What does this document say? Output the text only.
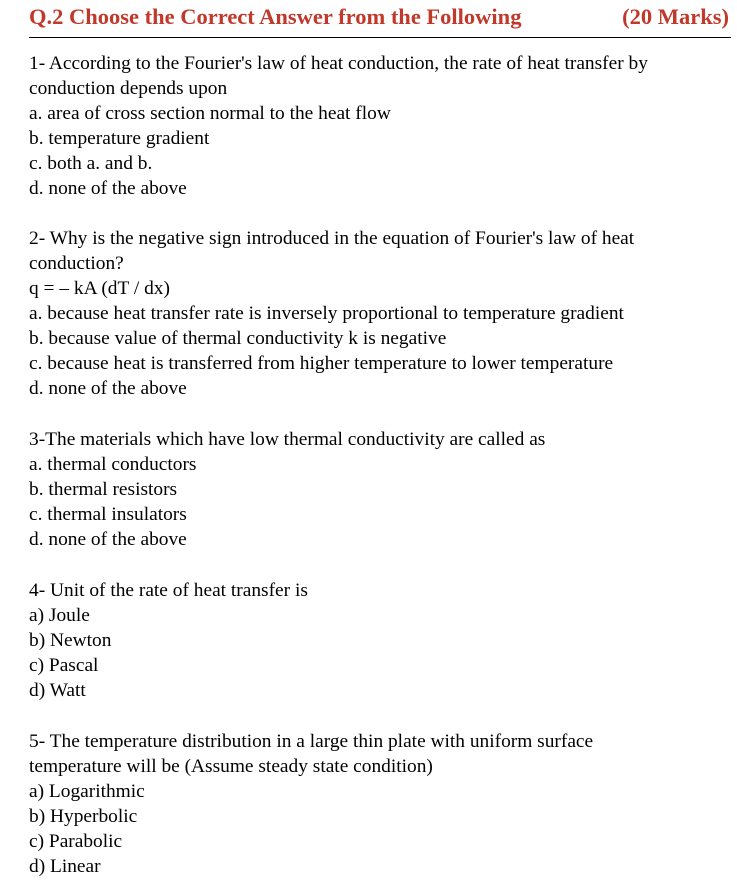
Q.2 Choose the Correct Answer from the Following	(20 Marks)
1- According to the Fourier's law of heat conduction, the rate of heat transfer by
conduction depends upon
a. area of cross section normal to the heat flow
b. temperature gradient
c. both a. and b.
d. none of the above
2- Why is the negative sign introduced in the equation of Fourier's law of heat
conduction?
q = – kA (dT / dx)
a. because heat transfer rate is inversely proportional to temperature gradient
b. because value of thermal conductivity k is negative
c. because heat is transferred from higher temperature to lower temperature
d. none of the above
3-The materials which have low thermal conductivity are called as
a. thermal conductors
b. thermal resistors
c. thermal insulators
d. none of the above
4- Unit of the rate of heat transfer is
a) Joule
b) Newton
c) Pascal
d) Watt
5- The temperature distribution in a large thin plate with uniform surface
temperature will be (Assume steady state condition)
a) Logarithmic
b) Hyperbolic
c) Parabolic
d) Linear
